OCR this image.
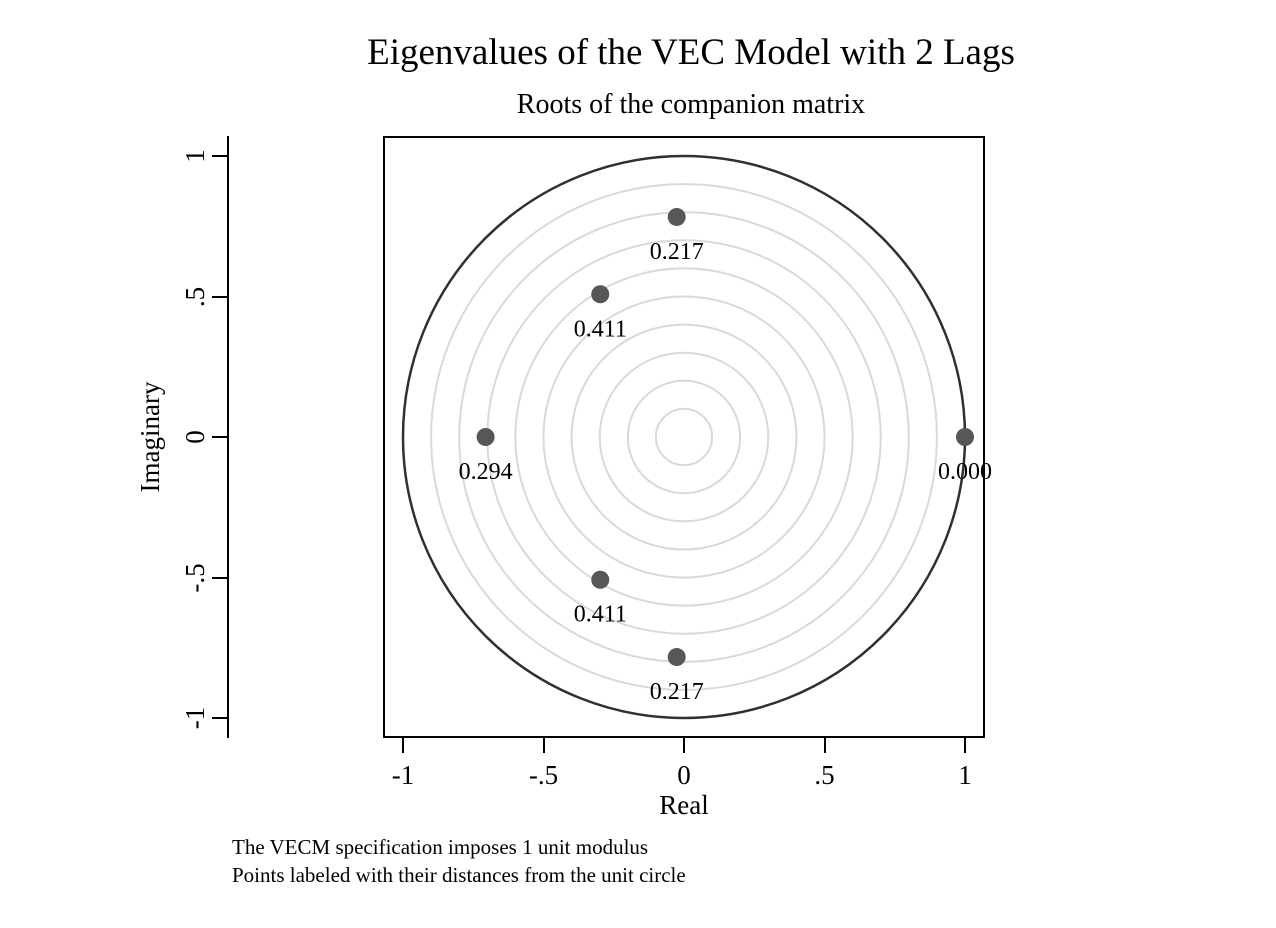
Eigenvalues of the VEC Model with 2 Lags
Roots of the companion matrix
Imaginary
1
.5
0
-.5
-1
0.217
0.411
0.294	0.000
0.411
0.217
-1	-.5	0	.5	1
Real
The VECM specification imposes 1 unit modulus
Points labeled with their distances from the unit circle
